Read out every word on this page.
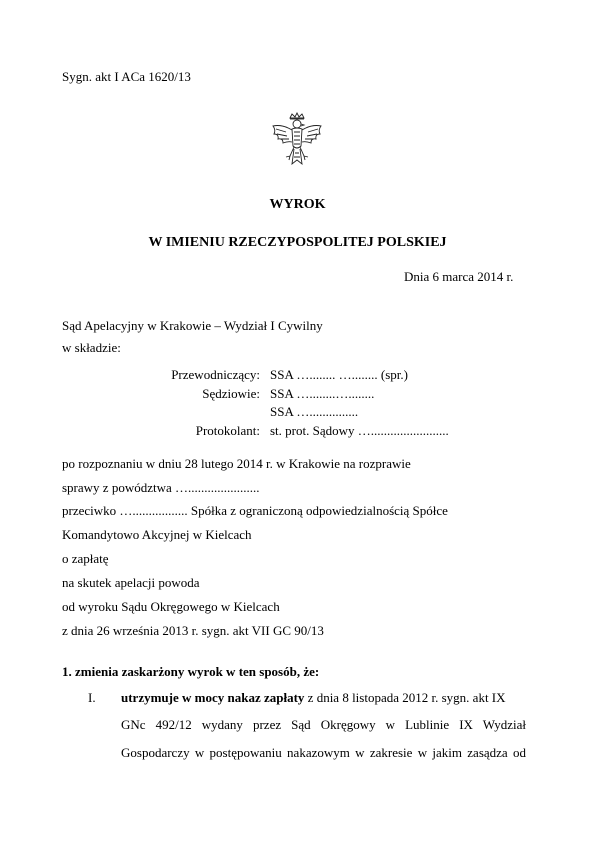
Sygn. akt I ACa 1620/13
WYROK
W IMIENIU RZECZYPOSPOLITEJ POLSKIEJ
Dnia 6 marca 2014 r.
Sąd Apelacyjny w Krakowie – Wydział I Cywilny
w składzie:
Przewodniczący: SSA …........ …........ (spr.)
Sędziowie: SSA …........…........
SSA …...............
Protokolant: st. prot. Sądowy …........................
po rozpoznaniu w dniu 28 lutego 2014 r. w Krakowie na rozprawie
sprawy z powództwa …......................
przeciwko …................. Spółka z ograniczoną odpowiedzialnością Spółce
Komandytowo Akcyjnej w Kielcach
o zapłatę
na skutek apelacji powoda
od wyroku Sądu Okręgowego w Kielcach
z dnia 26 września 2013 r. sygn. akt VII GC 90/13
1. zmienia zaskarżony wyrok w ten sposób, że:
I. utrzymuje w mocy nakaz zapłaty z dnia 8 listopada 2012 r. sygn. akt IX
GNc 492/12 wydany przez Sąd Okręgowy w Lublinie IX Wydział
Gospodarczy w postępowaniu nakazowym w zakresie w jakim zasądza od
